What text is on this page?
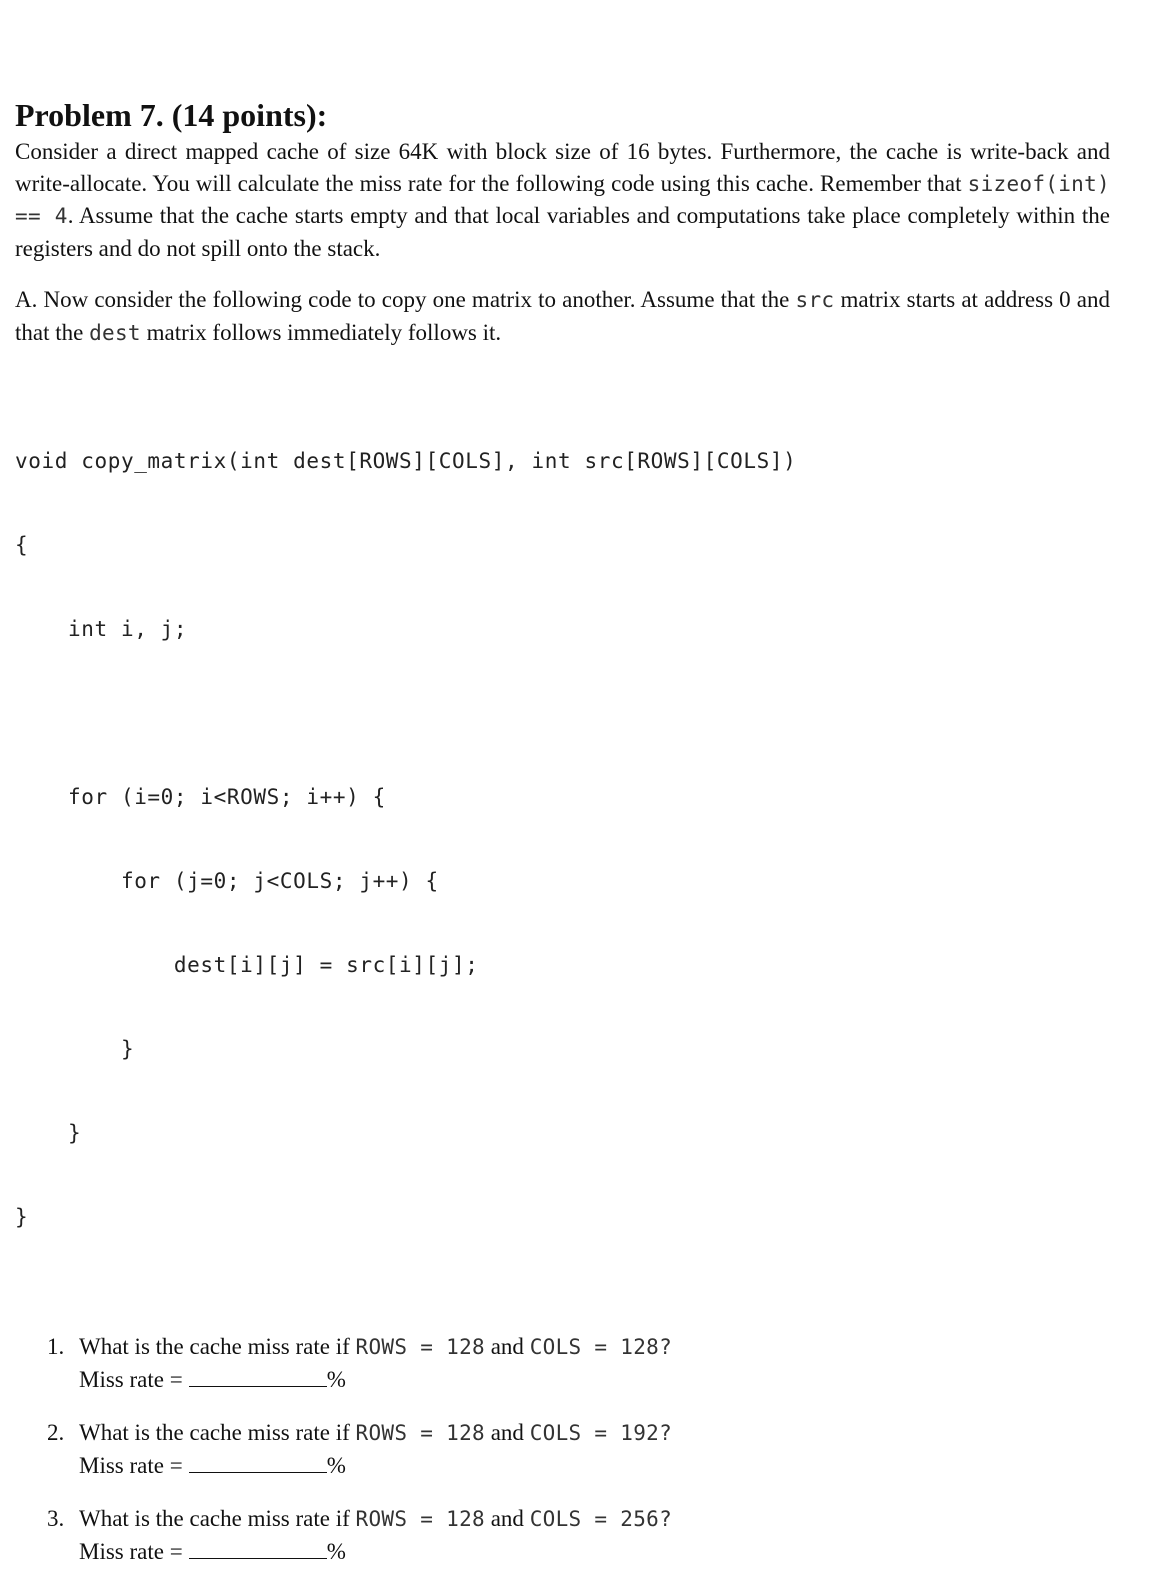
Problem 7. (14 points):

Consider a direct mapped cache of size 64K with block size of 16 bytes. Furthermore, the cache is write-back and write-allocate. You will calculate the miss rate for the following code using this cache. Remember that sizeof(int) == 4. Assume that the cache starts empty and that local variables and computations take place completely within the registers and do not spill onto the stack.

A. Now consider the following code to copy one matrix to another. Assume that the src matrix starts at address 0 and that the dest matrix follows immediately follows it.

void copy_matrix(int dest[ROWS][COLS], int src[ROWS][COLS])

{

int i, j;

for (i=0; i<ROWS; i++) {

for (j=0; j<COLS; j++) {

dest[i][j] = src[i][j];

}

}

}

1. What is the cache miss rate if ROWS = 128 and COLS = 128?
Miss rate =	%
2. What is the cache miss rate if ROWS = 128 and COLS = 192?
Miss rate =	%
3. What is the cache miss rate if ROWS = 128 and COLS = 256?
Miss rate =	%
